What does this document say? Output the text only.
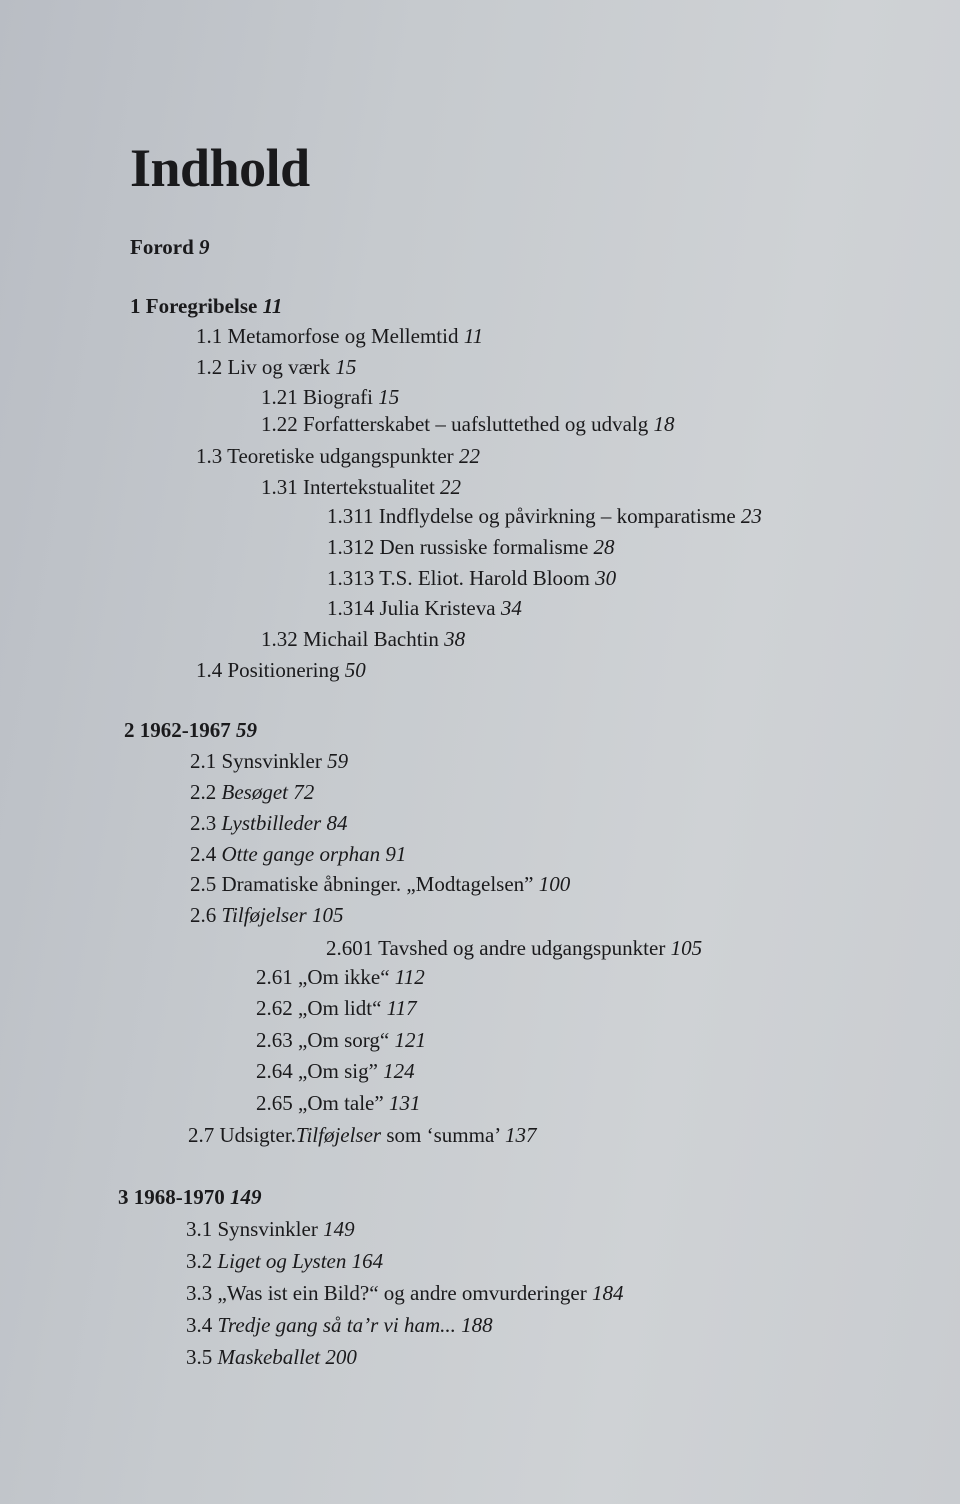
Indhold
Forord 9
1 Foregribelse 11
1.1 Metamorfose og Mellemtid 11
1.2 Liv og værk 15
1.21 Biografi 15
1.22 Forfatterskabet – uafsluttethed og udvalg 18
1.3 Teoretiske udgangspunkter 22
1.31 Intertekstualitet 22
1.311 Indflydelse og påvirkning – komparatisme 23
1.312 Den russiske formalisme 28
1.313 T.S. Eliot. Harold Bloom 30
1.314 Julia Kristeva 34
1.32 Michail Bachtin 38
1.4 Positionering 50
2 1962-1967 59
2.1 Synsvinkler 59
2.2 Besøget 72
2.3 Lystbilleder 84
2.4 Otte gange orphan 91
2.5 Dramatiske åbninger. „Modtagelsen” 100
2.6 Tilføjelser 105
2.601 Tavshed og andre udgangspunkter 105
2.61 „Om ikke“ 112
2.62 „Om lidt“ 117
2.63 „Om sorg“ 121
2.64 „Om sig” 124
2.65 „Om tale” 131
2.7 Udsigter.Tilføjelser som ‘summa’ 137
3 1968-1970 149
3.1 Synsvinkler 149
3.2 Liget og Lysten 164
3.3 „Was ist ein Bild?“ og andre omvurderinger 184
3.4 Tredje gang så ta’r vi ham... 188
3.5 Maskeballet 200
